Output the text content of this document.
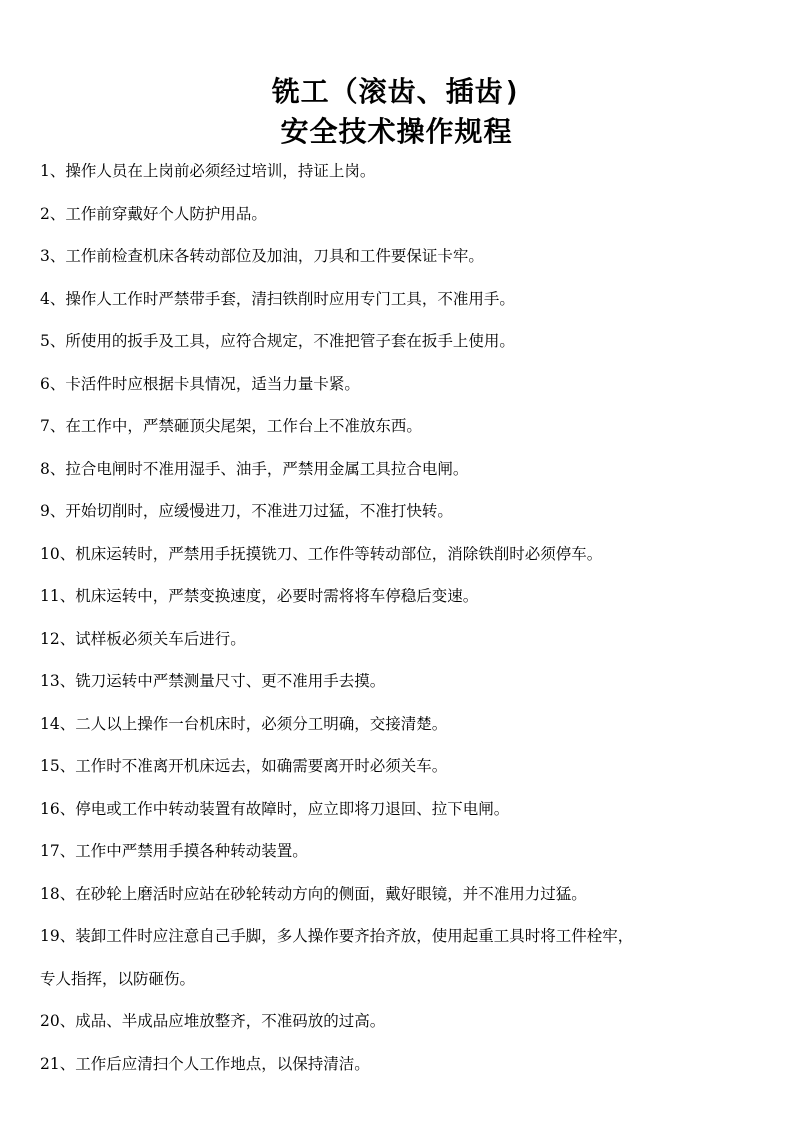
铣工（滚齿、插齿)
安全技术操作规程
1、操作人员在上岗前必须经过培训，持证上岗。
2、工作前穿戴好个人防护用品。
3、工作前检查机床各转动部位及加油，刀具和工件要保证卡牢。
4、操作人工作时严禁带手套，清扫铁削时应用专门工具，不准用手。
5、所使用的扳手及工具，应符合规定，不准把管子套在扳手上使用。
6、卡活件时应根据卡具情况，适当力量卡紧。
7、在工作中，严禁砸顶尖尾架，工作台上不准放东西。
8、拉合电闸时不准用湿手、油手，严禁用金属工具拉合电闸。
9、开始切削时，应缓慢进刀，不准进刀过猛，不准打快转。
10、机床运转时，严禁用手抚摸铣刀、工作件等转动部位，消除铁削时必须停车。
11、机床运转中，严禁变换速度，必要时需将将车停稳后变速。
12、试样板必须关车后进行。
13、铣刀运转中严禁测量尺寸、更不准用手去摸。
14、二人以上操作一台机床时，必须分工明确，交接清楚。
15、工作时不准离开机床远去，如确需要离开时必须关车。
16、停电或工作中转动装置有故障时，应立即将刀退回、拉下电闸。
17、工作中严禁用手摸各种转动装置。
18、在砂轮上磨活时应站在砂轮转动方向的侧面，戴好眼镜，并不准用力过猛。
19、装卸工件时应注意自己手脚，多人操作要齐抬齐放，使用起重工具时将工件栓牢，
专人指挥，以防砸伤。
20、成品、半成品应堆放整齐，不准码放的过高。
21、工作后应清扫个人工作地点，以保持清洁。
